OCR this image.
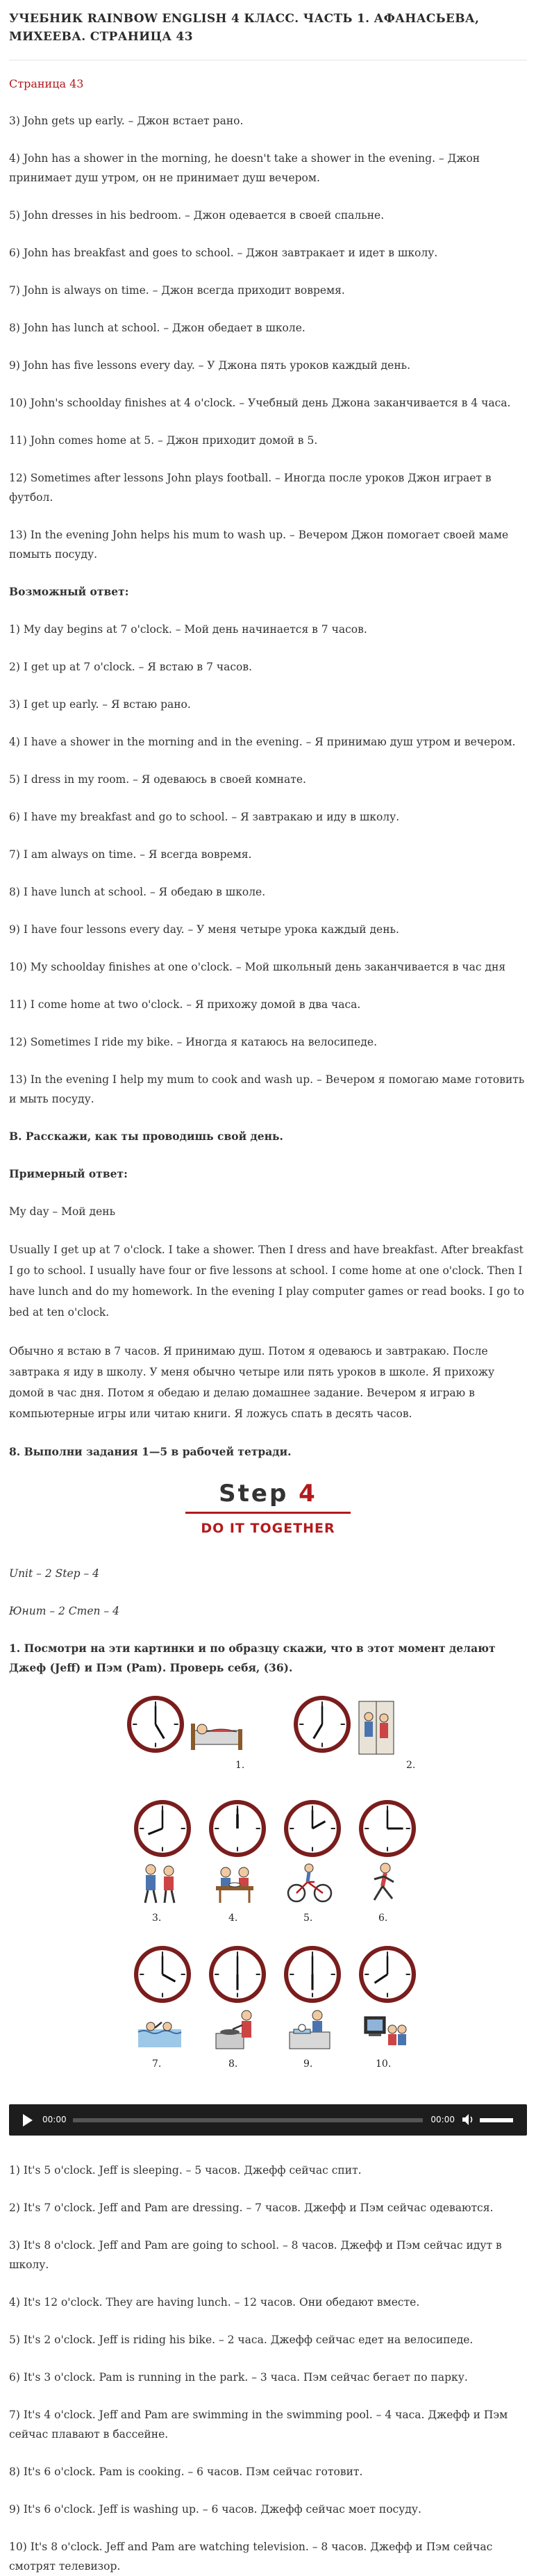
УЧЕБНИК RAINBOW ENGLISH 4 КЛАСС. ЧАСТЬ 1. АФАНАСЬЕВА, МИХЕЕВА. СТРАНИЦА 43
Страница 43

3) John gets up early. – Джон встает рано.

4) John has a shower in the morning, he doesn't take a shower in the evening. – Джон принимает душ утром, он не принимает душ вечером.

5) John dresses in his bedroom. – Джон одевается в своей спальне.

6) John has breakfast and goes to school. – Джон завтракает и идет в школу.

7) John is always on time. – Джон всегда приходит вовремя.

8) John has lunch at school. – Джон обедает в школе.

9) John has five lessons every day. – У Джона пять уроков каждый день.

10) John's schoolday finishes at 4 o'clock. – Учебный день Джона заканчивается в 4 часа.

11) John comes home at 5. – Джон приходит домой в 5.

12) Sometimes after lessons John plays football. – Иногда после уроков Джон играет в футбол.

13) In the evening John helps his mum to wash up. – Вечером Джон помогает своей маме помыть посуду.

Возможный ответ:

1) My day begins at 7 o'clock. – Мой день начинается в 7 часов.

2) I get up at 7 o'clock. – Я встаю в 7 часов.

3) I get up early. – Я встаю рано.

4) I have a shower in the morning and in the evening. – Я принимаю душ утром и вечером.

5) I dress in my room. – Я одеваюсь в своей комнате.

6) I have my breakfast and go to school. – Я завтракаю и иду в школу.

7) I am always on time. – Я всегда вовремя.

8) I have lunch at school. – Я обедаю в школе.

9) I have four lessons every day. – У меня четыре урока каждый день.

10) My schoolday finishes at one o'clock. – Мой школьный день заканчивается в час дня

11) I come home at two o'clock. – Я прихожу домой в два часа.

12) Sometimes I ride my bike. – Иногда я катаюсь на велосипеде.

13) In the evening I help my mum to cook and wash up. – Вечером я помогаю маме готовить и мыть посуду.

B. Расскажи, как ты проводишь свой день.

Примерный ответ:

My day – Мой день

Usually I get up at 7 o'clock. I take a shower. Then I dress and have breakfast. After breakfast I go to school. I usually have four or five lessons at school. I come home at one o'clock. Then I have lunch and do my homework. In the evening I play computer games or read books. I go to bed at ten o'clock.

Обычно я встаю в 7 часов. Я принимаю душ. Потом я одеваюсь и завтракаю. После завтрака я иду в школу. У меня обычно четыре или пять уроков в школе. Я прихожу домой в час дня. Потом я обедаю и делаю домашнее задание. Вечером я играю в компьютерные игры или читаю книги. Я ложусь спать в десять часов.

8. Выполни задания 1—5 в рабочей тетради.

Step 4
DO IT TOGETHER

Unit – 2 Step – 4

Юнит – 2 Степ – 4

1. Посмотри на эти картинки и по образцу скажи, что в этот момент делают Джеф (Jeff) и Пэм (Pam). Проверь себя, (36).

1.	2.
3.	4.	5.	6.
7.	8.	9.	10.
00:00	00:00

1) It's 5 o'clock. Jeff is sleeping. – 5 часов. Джефф сейчас спит.

2) It's 7 o'clock. Jeff and Pam are dressing. – 7 часов. Джефф и Пэм сейчас одеваются.

3) It's 8 o'clock. Jeff and Pam are going to school. – 8 часов. Джефф и Пэм сейчас идут в школу.

4) It's 12 o'clock. They are having lunch. – 12 часов. Они обедают вместе.

5) It's 2 o'clock. Jeff is riding his bike. – 2 часа. Джефф сейчас едет на велосипеде.

6) It's 3 o'clock. Pam is running in the park. – 3 часа. Пэм сейчас бегает по парку.

7) It's 4 o'clock. Jeff and Pam are swimming in the swimming pool. – 4 часа. Джефф и Пэм сейчас плавают в бассейне.

8) It's 6 o'clock. Pam is cooking. – 6 часов. Пэм сейчас готовит.

9) It's 6 o'clock. Jeff is washing up. – 6 часов. Джефф сейчас моет посуду.

10) It's 8 o'clock. Jeff and Pam are watching television. – 8 часов. Джефф и Пэм сейчас смотрят телевизор.
